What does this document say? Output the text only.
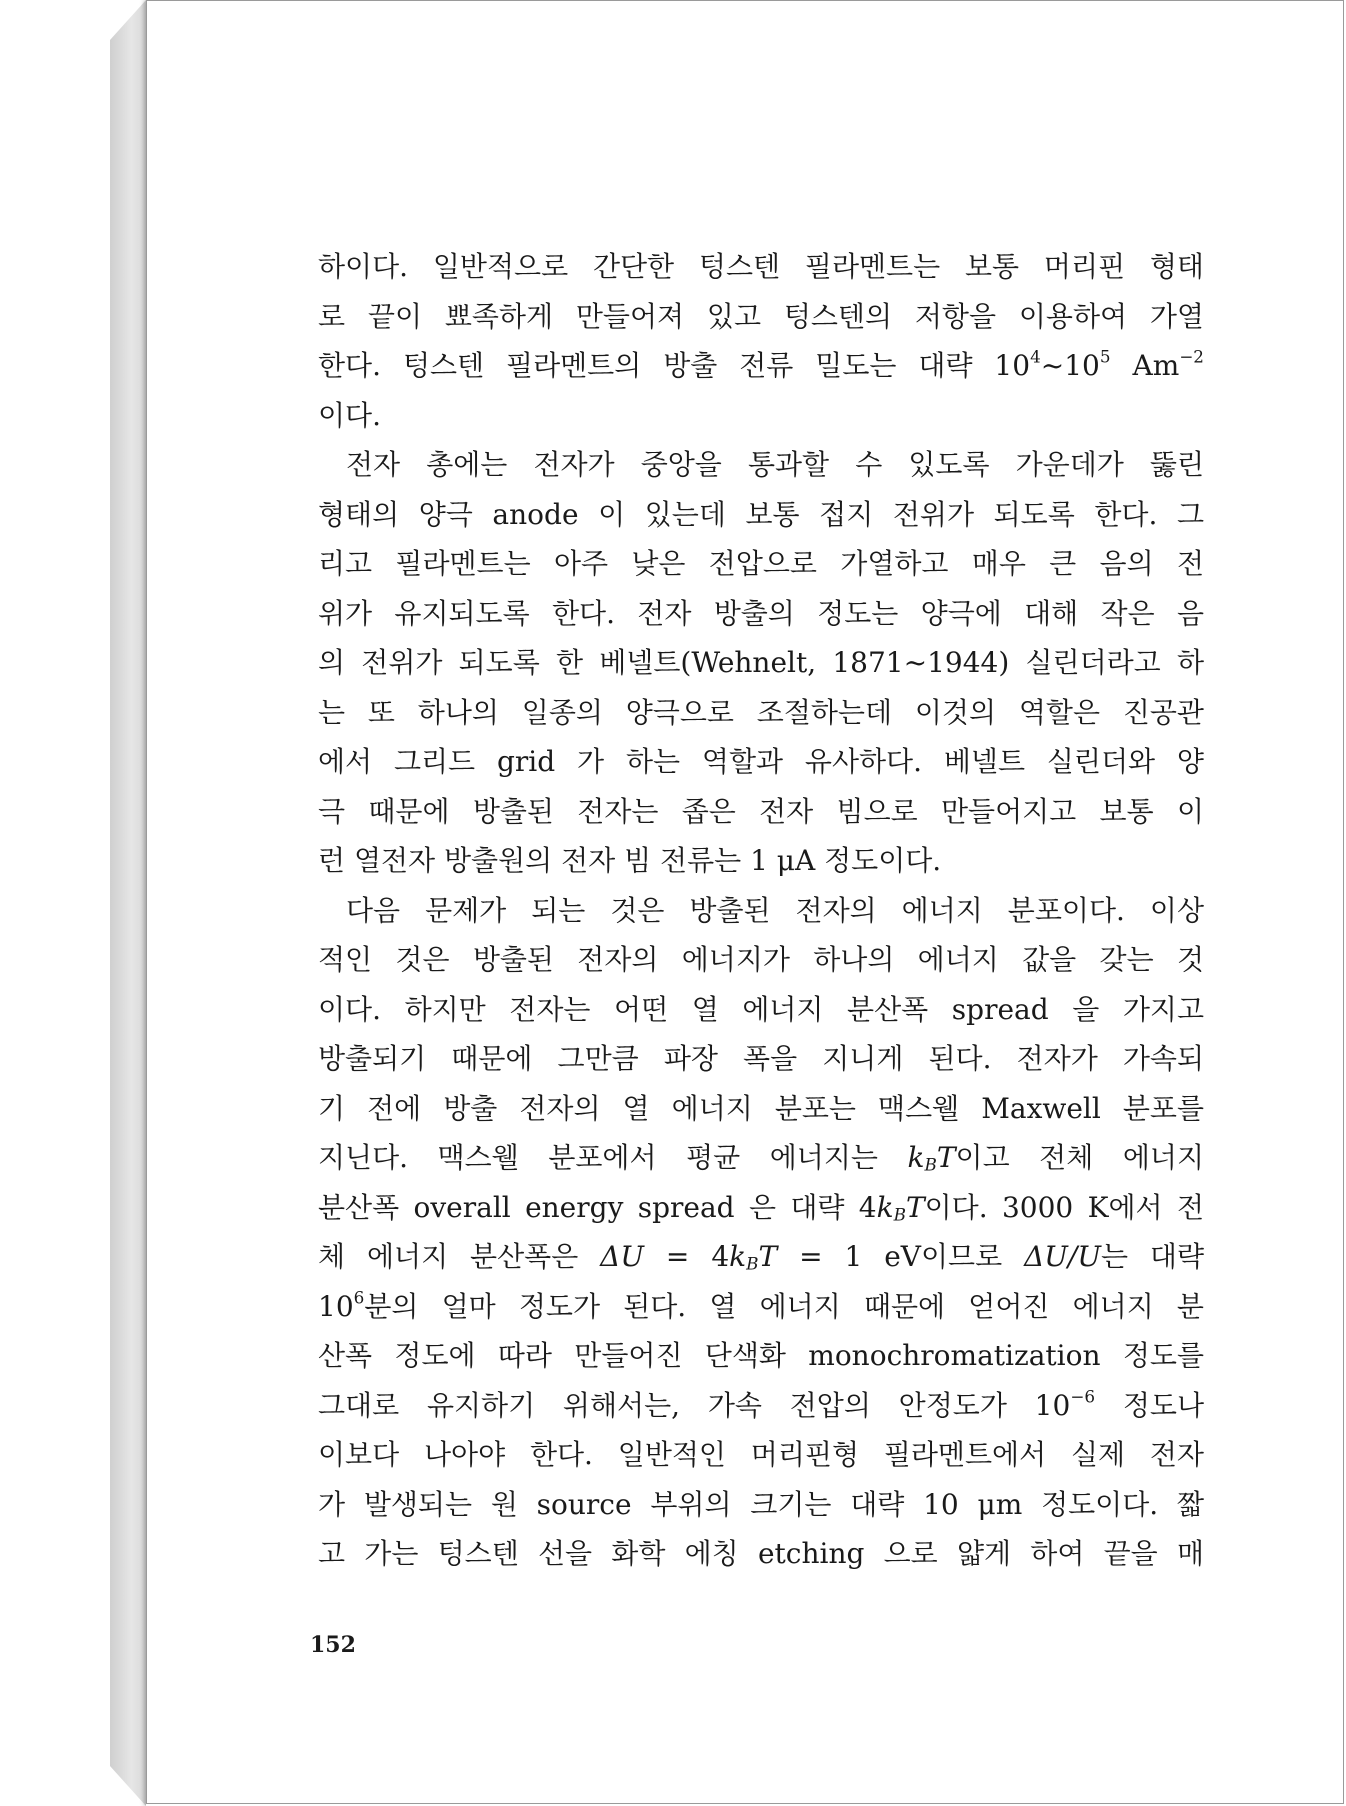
하이다. 일반적으로 간단한 텅스텐 필라멘트는 보통 머리핀 형태
로 끝이 뾰족하게 만들어져 있고 텅스텐의 저항을 이용하여 가열
한다. 텅스텐 필라멘트의 방출 전류 밀도는 대략 $10^4\sim 10^5$ $Am^{-2}$
이다.
전자 총에는 전자가 중앙을 통과할 수 있도록 가운데가 뚫린
형태의 양극 anode 이 있는데 보통 접지 전위가 되도록 한다. 그
리고 필라멘트는 아주 낮은 전압으로 가열하고 매우 큰 음의 전
위가 유지되도록 한다. 전자 방출의 정도는 양극에 대해 작은 음
의 전위가 되도록 한 베넬트(Wehnelt, 1871~1944) 실린더라고 하
는 또 하나의 일종의 양극으로 조절하는데 이것의 역할은 진공관
에서 그리드 grid 가 하는 역할과 유사하다. 베넬트 실린더와 양
극 때문에 방출된 전자는 좁은 전자 빔으로 만들어지고 보통 이
런 열전자 방출원의 전자 빔 전류는 1 μA 정도이다.
다음 문제가 되는 것은 방출된 전자의 에너지 분포이다. 이상
적인 것은 방출된 전자의 에너지가 하나의 에너지 값을 갖는 것
이다. 하지만 전자는 어떤 열 에너지 분산폭 spread 을 가지고
방출되기 때문에 그만큼 파장 폭을 지니게 된다. 전자가 가속되
기 전에 방출 전자의 열 에너지 분포는 맥스웰 Maxwell 분포를
지닌다. 맥스웰 분포에서 평균 에너지는 $k_BT$이고 전체 에너지
분산폭 overall energy spread 은 대략 $4k_BT$이다. 3000 K에서 전
체 에너지 분산폭은 $\Delta U = 4k_BT = 1$ eV이므로 ΔU/U는 대략
$10^6$분의 얼마 정도가 된다. 열 에너지 때문에 얻어진 에너지 분
산폭 정도에 따라 만들어진 단색화 monochromatization 정도를
그대로 유지하기 위해서는, 가속 전압의 안정도가 $10^{-6}$ 정도나
이보다 나아야 한다. 일반적인 머리핀형 필라멘트에서 실제 전자
가 발생되는 원 source 부위의 크기는 대략 10 μm 정도이다. 짧
고 가는 텅스텐 선을 화학 에칭 etching 으로 얇게 하여 끝을 매
152
